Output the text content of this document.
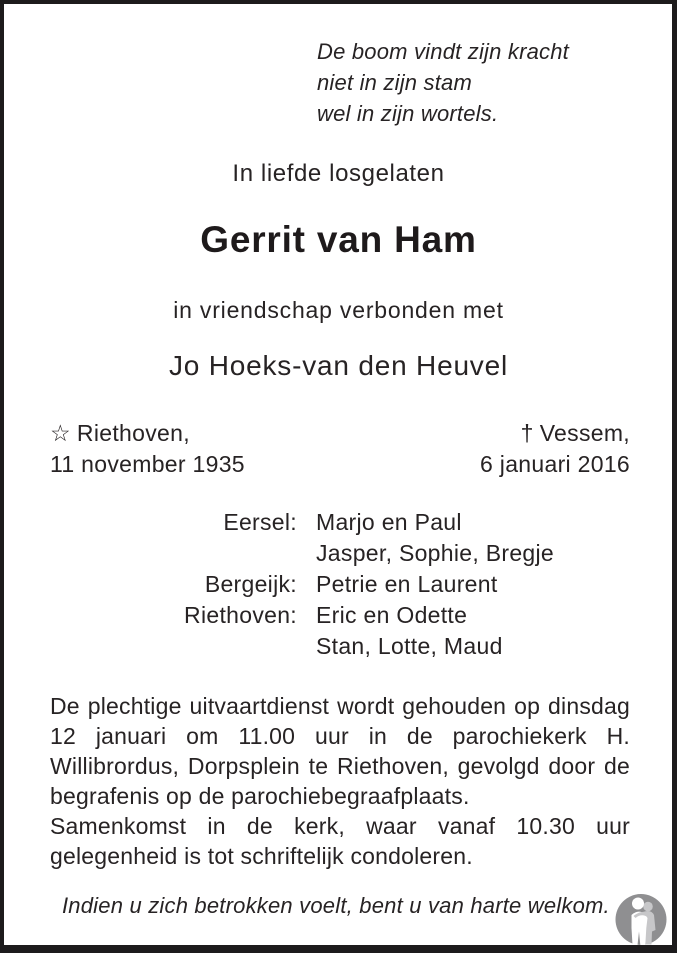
De boom vindt zijn kracht
niet in zijn stam
wel in zijn wortels.
In liefde losgelaten
Gerrit van Ham
in vriendschap verbonden met
Jo Hoeks-van den Heuvel
☆ Riethoven,
11 november 1935
† Vessem,
6 januari 2016
Eersel: Marjo en Paul
Jasper, Sophie, Bregje
Bergeijk: Petrie en Laurent
Riethoven: Eric en Odette
Stan, Lotte, Maud

De plechtige uitvaartdienst wordt gehouden op dinsdag 12 januari om 11.00 uur in de parochiekerk H. Willibrordus, Dorpsplein te Riethoven, gevolgd door de begrafenis op de parochiebegraafplaats.

Samenkomst in de kerk, waar vanaf 10.30 uur gelegenheid is tot schriftelijk condoleren.

Indien u zich betrokken voelt, bent u van harte welkom.
